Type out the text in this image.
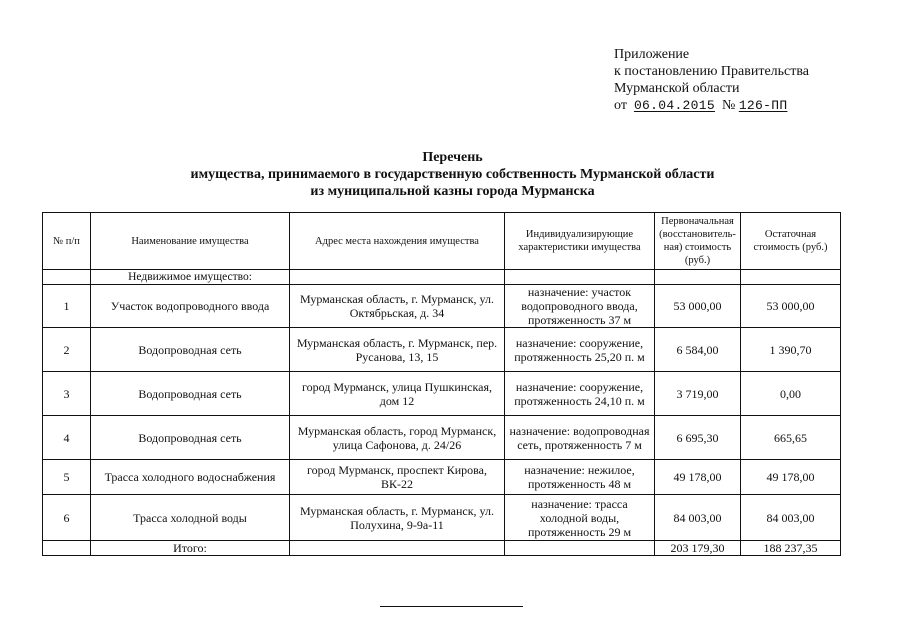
Приложение
к постановлению Правительства
Мурманской области
от 06.04.2015 № 126-ПП
Перечень
имущества, принимаемого в государственную собственность Мурманской области
из муниципальной казны города Мурманска
№ п/п	Наименование имущества	Адрес места нахождения имущества	Индивидуализирующие характеристики имущества	Первоначальная (восстановитель-ная) стоимость (руб.)	Остаточная стоимость (руб.)
	Недвижимое имущество:				
1	Участок водопроводного ввода	Мурманская область, г. Мурманск, ул. Октябрьская, д. 34	назначение: участок водопроводного ввода, протяженность 37 м	53 000,00	53 000,00
2	Водопроводная сеть	Мурманская область, г. Мурманск, пер. Русанова, 13, 15	назначение: сооружение, протяженность 25,20 п. м	6 584,00	1 390,70
3	Водопроводная сеть	город Мурманск, улица Пушкинская, дом 12	назначение: сооружение, протяженность 24,10 п. м	3 719,00	0,00
4	Водопроводная сеть	Мурманская область, город Мурманск, улица Сафонова, д. 24/26	назначение: водопроводная сеть, протяженность 7 м	6 695,30	665,65
5	Трасса холодного водоснабжения	город Мурманск, проспект Кирова, ВК-22	назначение: нежилое, протяженность 48 м	49 178,00	49 178,00
6	Трасса холодной воды	Мурманская область, г. Мурманск, ул. Полухина, 9-9а-11	назначение: трасса холодной воды, протяженность 29 м	84 003,00	84 003,00
	Итого:			203 179,30	188 237,35
